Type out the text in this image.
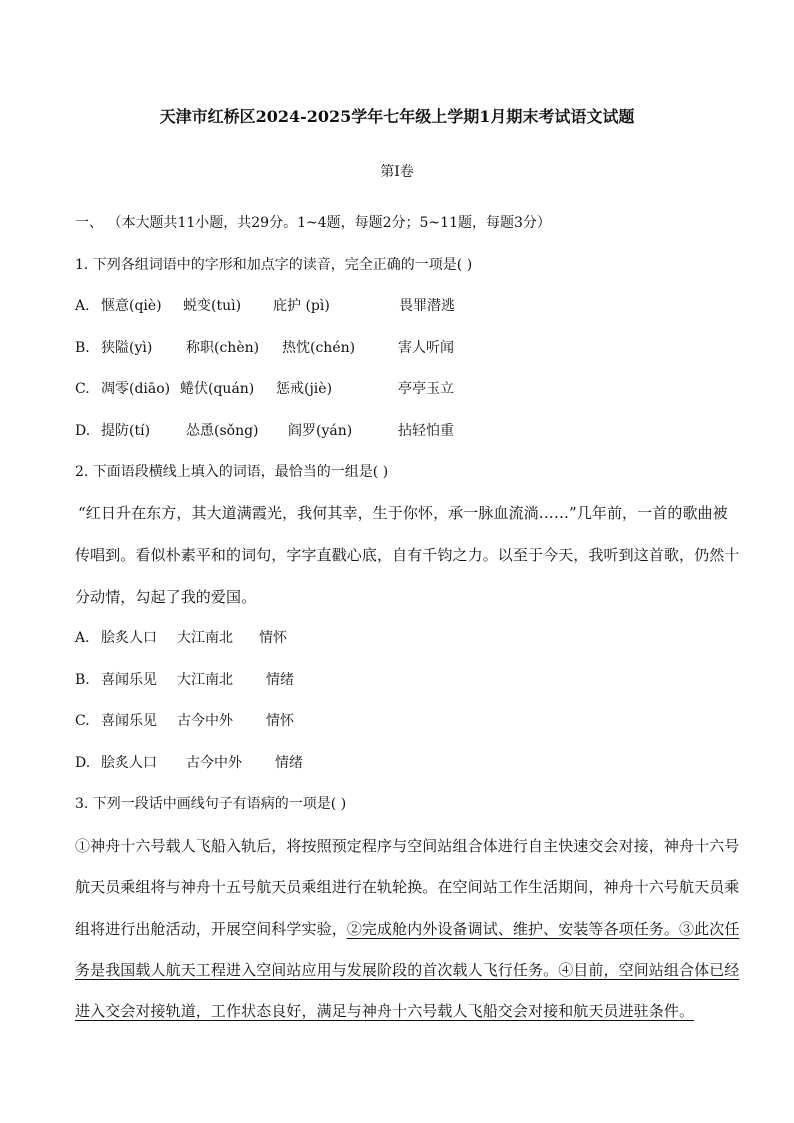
天津市红桥区2024-2025学年七年级上学期1月期末考试语文试题
第I卷
一、 （本大题共11小题，共29分。1~4题，每题2分；5~11题，每题3分）
1. 下列各组词语中的字形和加点字的读音，完全正确的一项是( )
A. 惬意(qiè) 蜕变(tuì) 庇护 (pì)	畏罪潜逃
B. 狭隘(yì) 称职(chèn) 热忱(chén)	害人听闻
C. 凋零(diāo) 蜷伏(quán) 惩戒(jiè)	亭亭玉立
D. 提防(tí)	怂恿(sǒng) 阎罗(yán)	拈轻怕重
2. 下面语段横线上填入的词语，最恰当的一组是( )
“红日升在东方，其大道满霞光，我何其幸，生于你怀，承一脉血流淌……”几年前，一首的歌曲被
传唱到。看似朴素平和的词句，字字直戳心底，自有千钧之力。以至于今天，我听到这首歌，仍然十
分动情，勾起了我的爱国。
A. 脍炙人口 大江南北 情怀
B. 喜闻乐见 大江南北 情绪
C. 喜闻乐见 古今中外 情怀
D. 脍炙人口 古今中外 情绪
3. 下列一段话中画线句子有语病的一项是( )
①神舟十六号载人飞船入轨后，将按照预定程序与空间站组合体进行自主快速交会对接，神舟十六号
航天员乘组将与神舟十五号航天员乘组进行在轨轮换。在空间站工作生活期间，神舟十六号航天员乘
组将进行出舱活动，开展空间科学实验，②完成舱内外设备调试、维护、安装等各项任务。③此次任
务是我国载人航天工程进入空间站应用与发展阶段的首次载人飞行任务。④目前，空间站组合体已经
进入交会对接轨道，工作状态良好，满足与神舟十六号载人飞船交会对接和航天员进驻条件。
